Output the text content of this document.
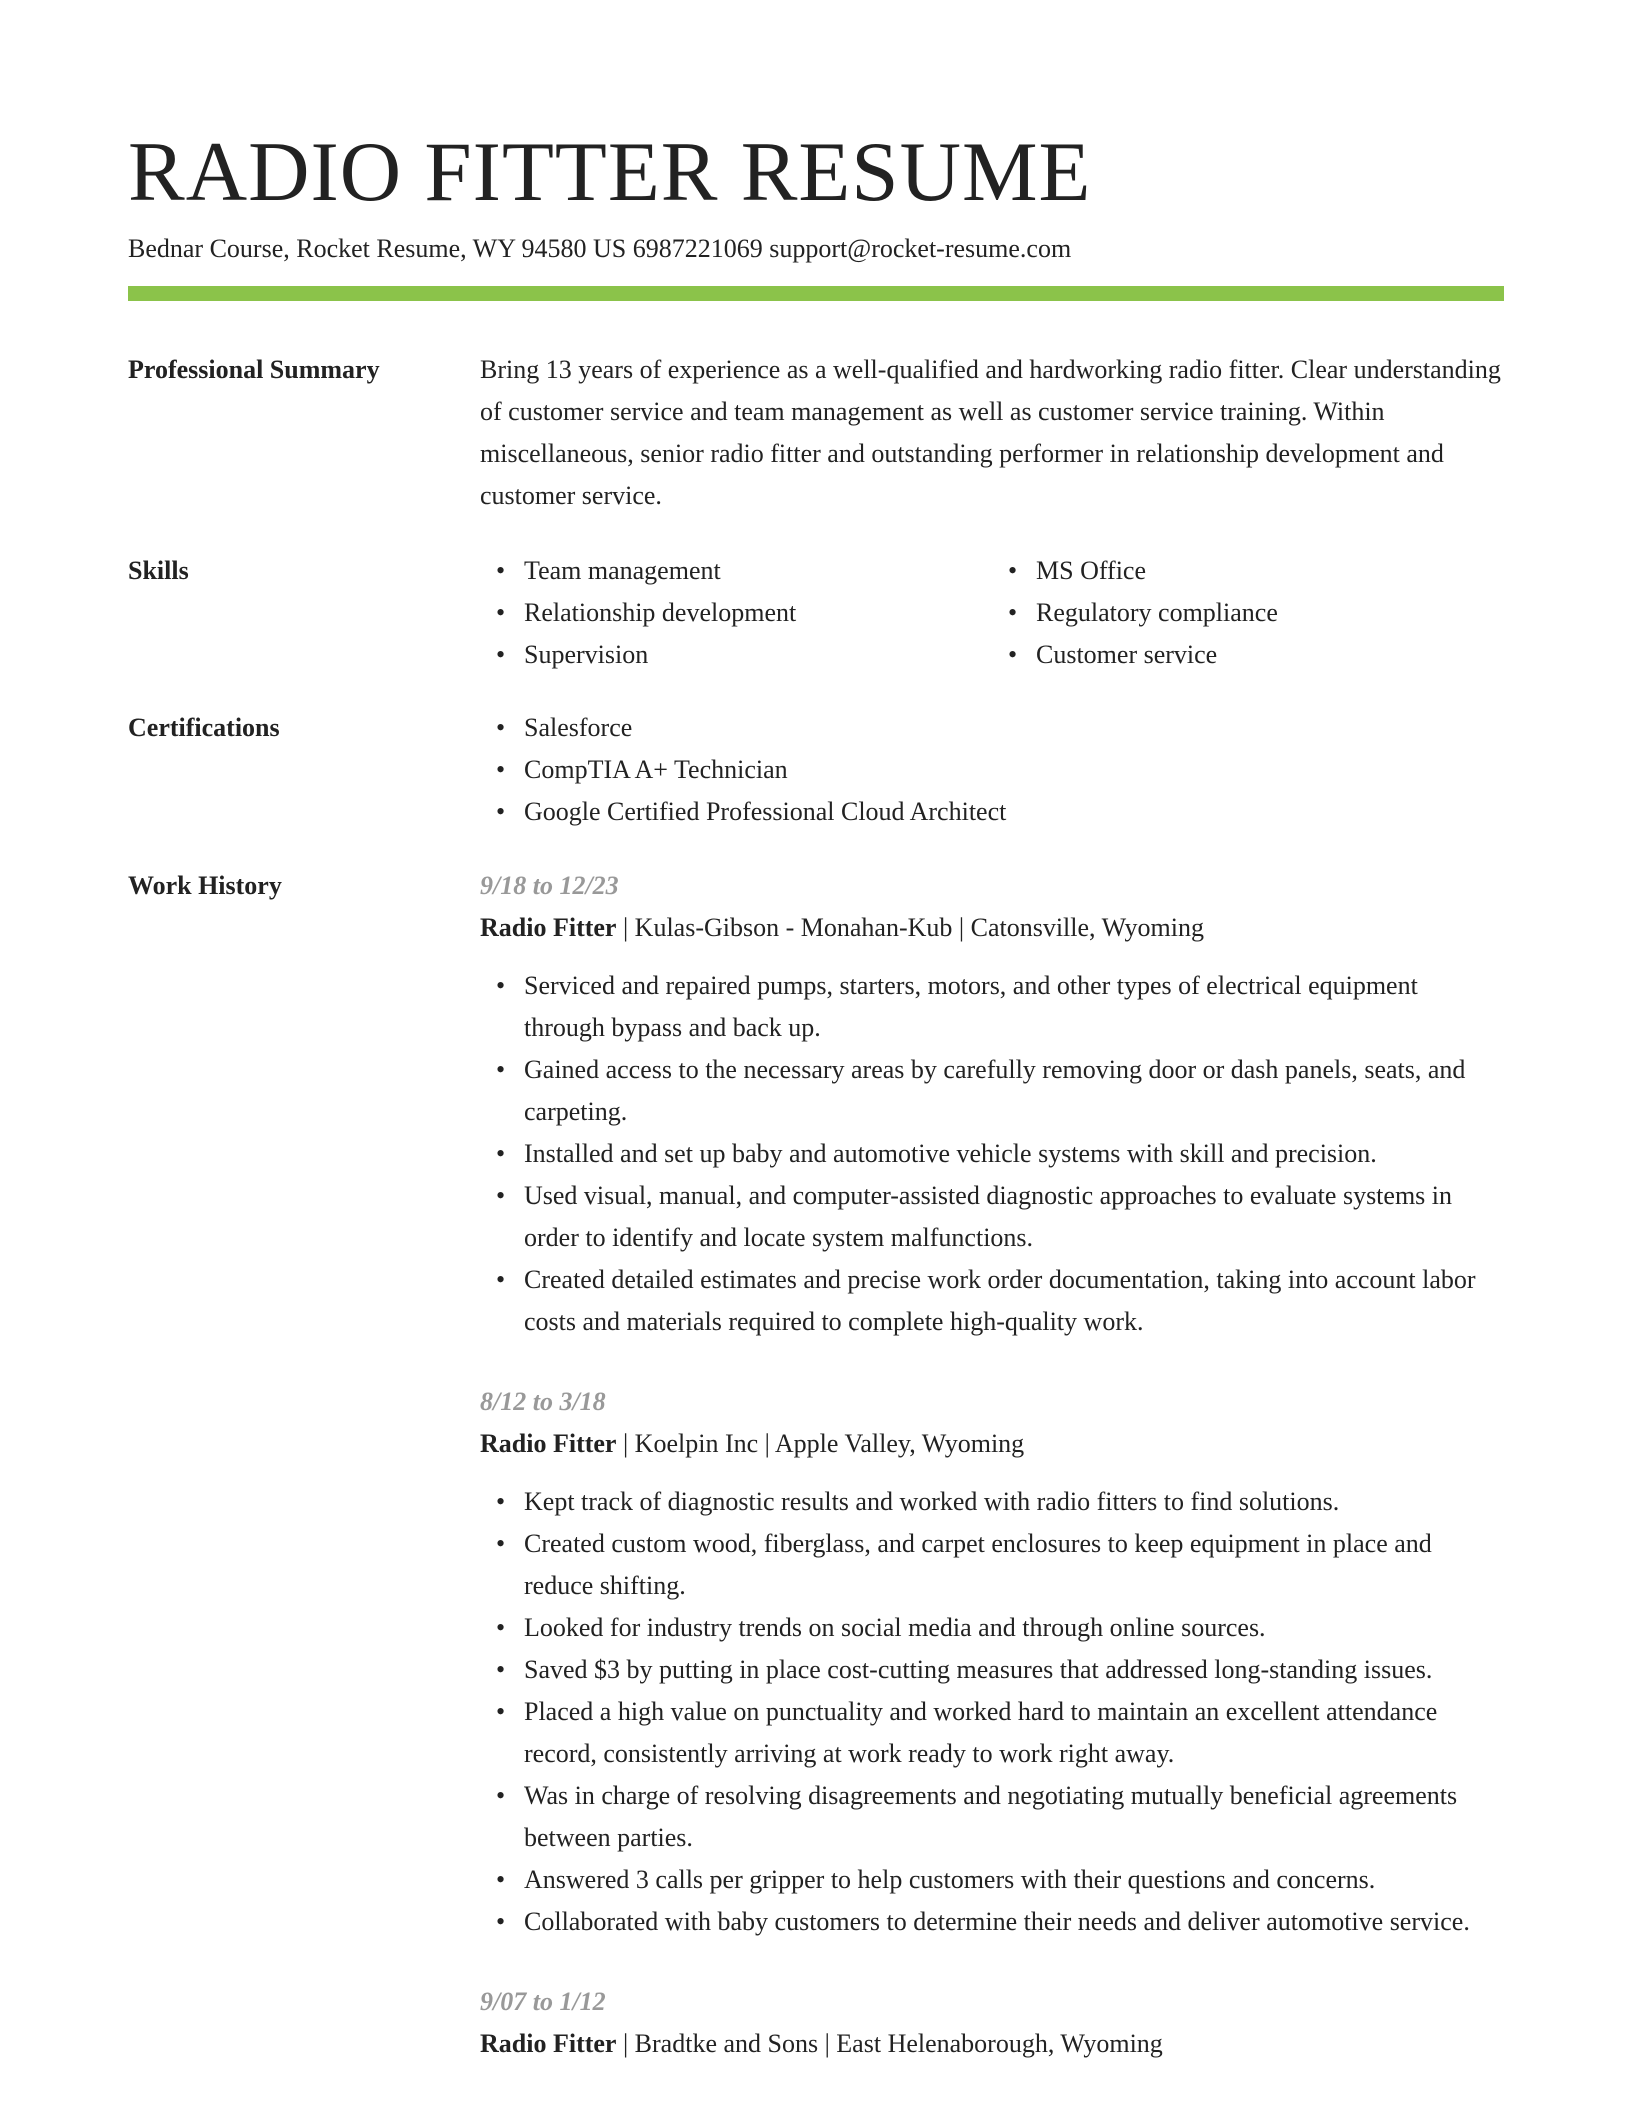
RADIO FITTER RESUME
Bednar Course, Rocket Resume, WY 94580 US 6987221069 support@rocket-resume.com
Professional Summary	Bring 13 years of experience as a well-qualified and hardworking radio fitter. Clear understanding of customer service and team management as well as customer service training. Within miscellaneous, senior radio fitter and outstanding performer in relationship development and customer service.

Skills	• Team management
• Relationship development
• Supervision
• MS Office
• Regulatory compliance
• Customer service
Certifications	• Salesforce
• CompTIA A+ Technician
• Google Certified Professional Cloud Architect
Work History	9/18 to 12/23
Radio Fitter | Kulas-Gibson - Monahan-Kub | Catonsville, Wyoming
• Serviced and repaired pumps, starters, motors, and other types of electrical equipment through bypass and back up.
• Gained access to the necessary areas by carefully removing door or dash panels, seats, and carpeting.
• Installed and set up baby and automotive vehicle systems with skill and precision.
• Used visual, manual, and computer-assisted diagnostic approaches to evaluate systems in order to identify and locate system malfunctions.
• Created detailed estimates and precise work order documentation, taking into account labor costs and materials required to complete high-quality work.
8/12 to 3/18
Radio Fitter | Koelpin Inc | Apple Valley, Wyoming
• Kept track of diagnostic results and worked with radio fitters to find solutions.
• Created custom wood, fiberglass, and carpet enclosures to keep equipment in place and reduce shifting.
• Looked for industry trends on social media and through online sources.
• Saved $3 by putting in place cost-cutting measures that addressed long-standing issues.
• Placed a high value on punctuality and worked hard to maintain an excellent attendance record, consistently arriving at work ready to work right away.
• Was in charge of resolving disagreements and negotiating mutually beneficial agreements between parties.
• Answered 3 calls per gripper to help customers with their questions and concerns.
• Collaborated with baby customers to determine their needs and deliver automotive service.
9/07 to 1/12
Radio Fitter | Bradtke and Sons | East Helenaborough, Wyoming
